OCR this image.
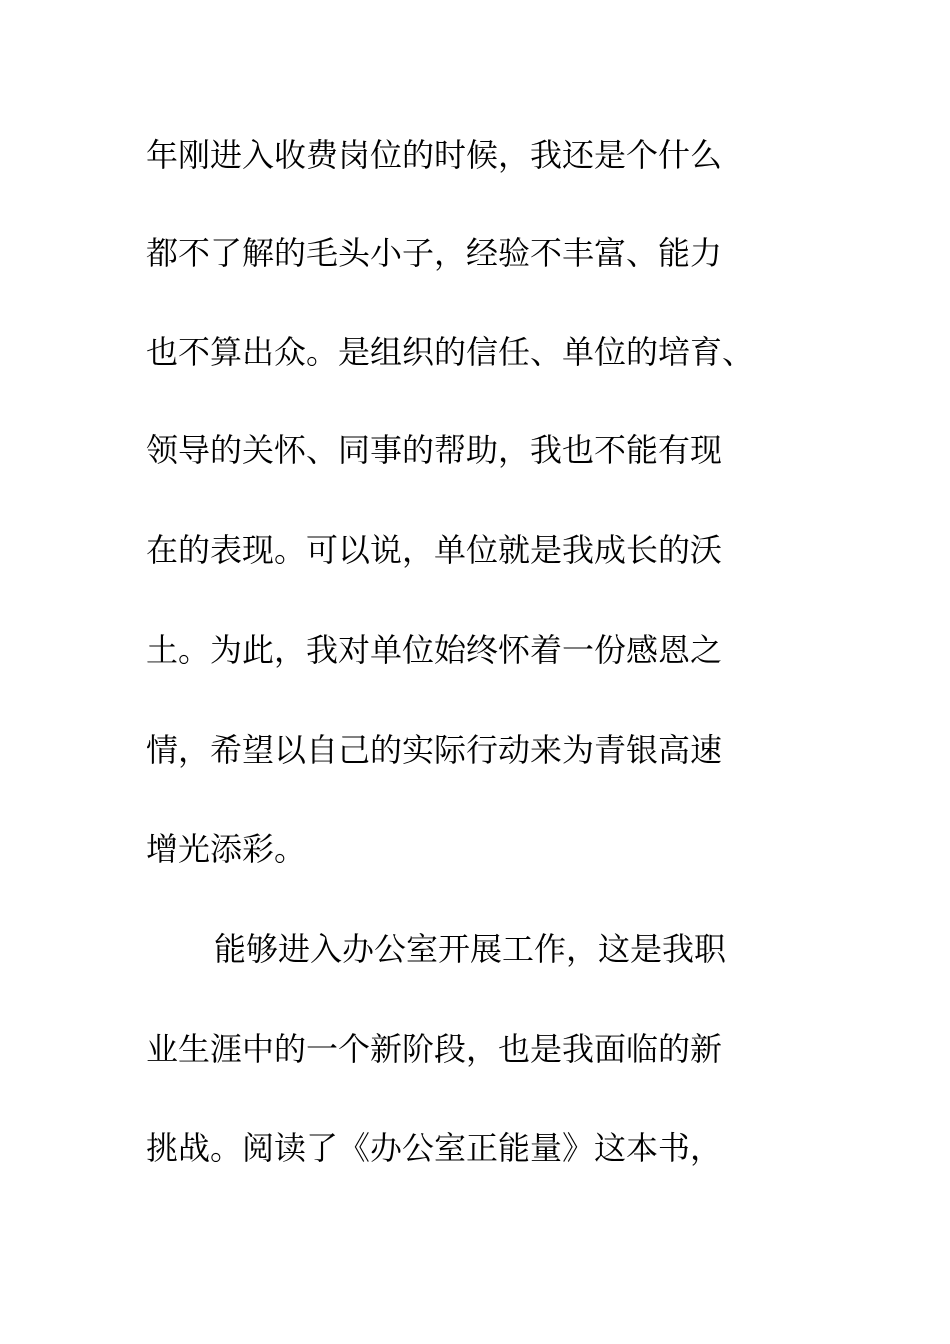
年刚进入收费岗位的时候，我还是个什么
都不了解的毛头小子，经验不丰富、能力
也不算出众。是组织的信任、单位的培育、
领导的关怀、同事的帮助，我也不能有现
在的表现。可以说，单位就是我成长的沃
土。为此，我对单位始终怀着一份感恩之
情，希望以自己的实际行动来为青银高速
增光添彩。
能够进入办公室开展工作，这是我职
业生涯中的一个新阶段，也是我面临的新
挑战。阅读了《办公室正能量》这本书，
